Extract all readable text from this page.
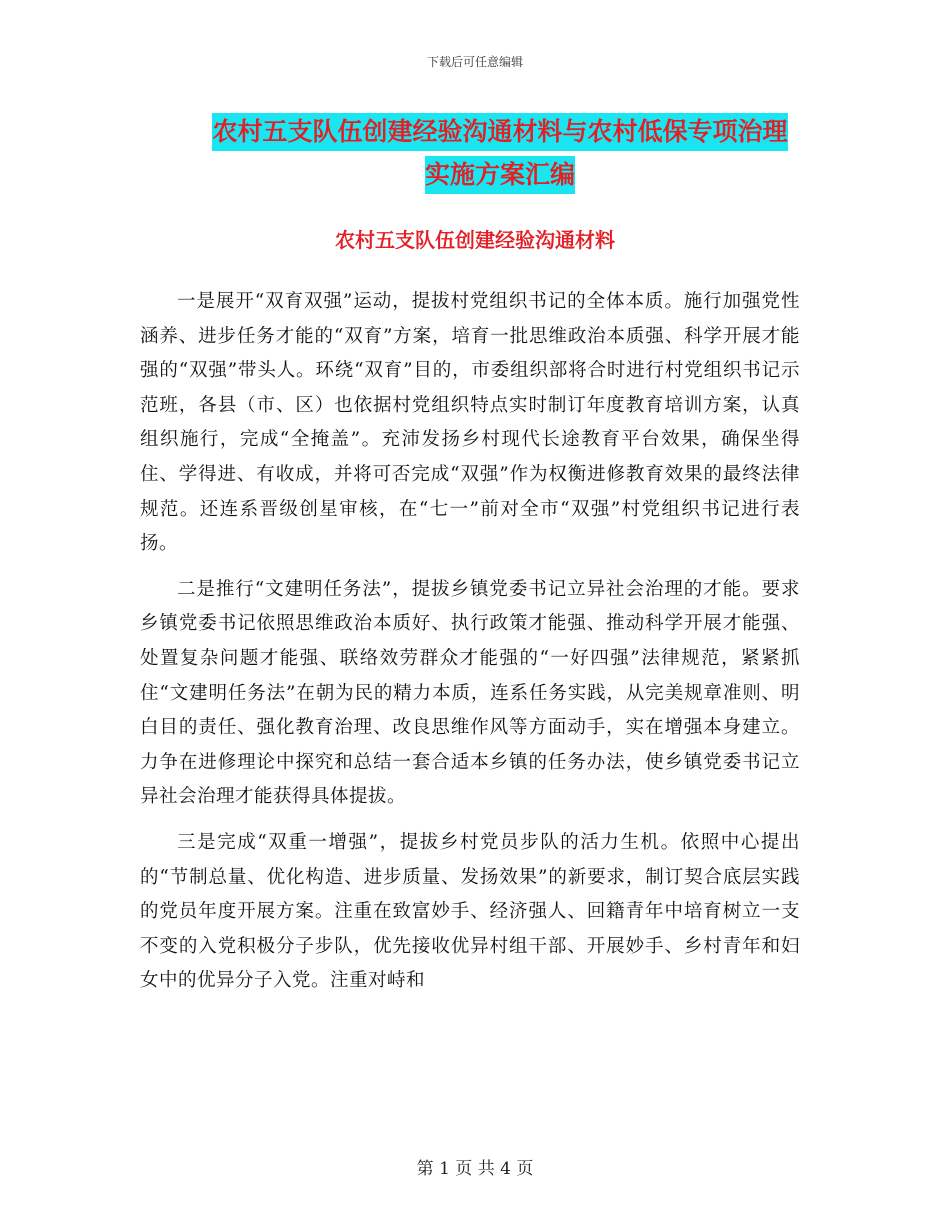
下载后可任意编辑
农村五支队伍创建经验沟通材料与农村低保专项治理
实施方案汇编
农村五支队伍创建经验沟通材料

一是展开“双育双强”运动，提拔村党组织书记的全体本质。施行加强党性涵养、进步任务才能的“双育”方案，培育一批思维政治本质强、科学开展才能强的“双强”带头人。环绕“双育”目的，市委组织部将合时进行村党组织书记示范班，各县（市、区）也依据村党组织特点实时制订年度教育培训方案，认真组织施行，完成“全掩盖”。充沛发扬乡村现代长途教育平台效果，确保坐得住、学得进、有收成，并将可否完成“双强”作为权衡进修教育效果的最终法律规范。还连系晋级创星审核，在“七一”前对全市“双强”村党组织书记进行表扬。

二是推行“文建明任务法”，提拔乡镇党委书记立异社会治理的才能。要求乡镇党委书记依照思维政治本质好、执行政策才能强、推动科学开展才能强、处置复杂问题才能强、联络效劳群众才能强的“一好四强”法律规范，紧紧抓住“文建明任务法”在朝为民的精力本质，连系任务实践，从完美规章准则、明白目的责任、强化教育治理、改良思维作风等方面动手，实在增强本身建立。力争在进修理论中探究和总结一套合适本乡镇的任务办法，使乡镇党委书记立异社会治理才能获得具体提拔。

三是完成“双重一增强”，提拔乡村党员步队的活力生机。依照中心提出的“节制总量、优化构造、进步质量、发扬效果”的新要求，制订契合底层实践的党员年度开展方案。注重在致富妙手、经济强人、回籍青年中培育树立一支不变的入党积极分子步队，优先接收优异村组干部、开展妙手、乡村青年和妇女中的优异分子入党。注重对峙和

第 1 页 共 4 页
